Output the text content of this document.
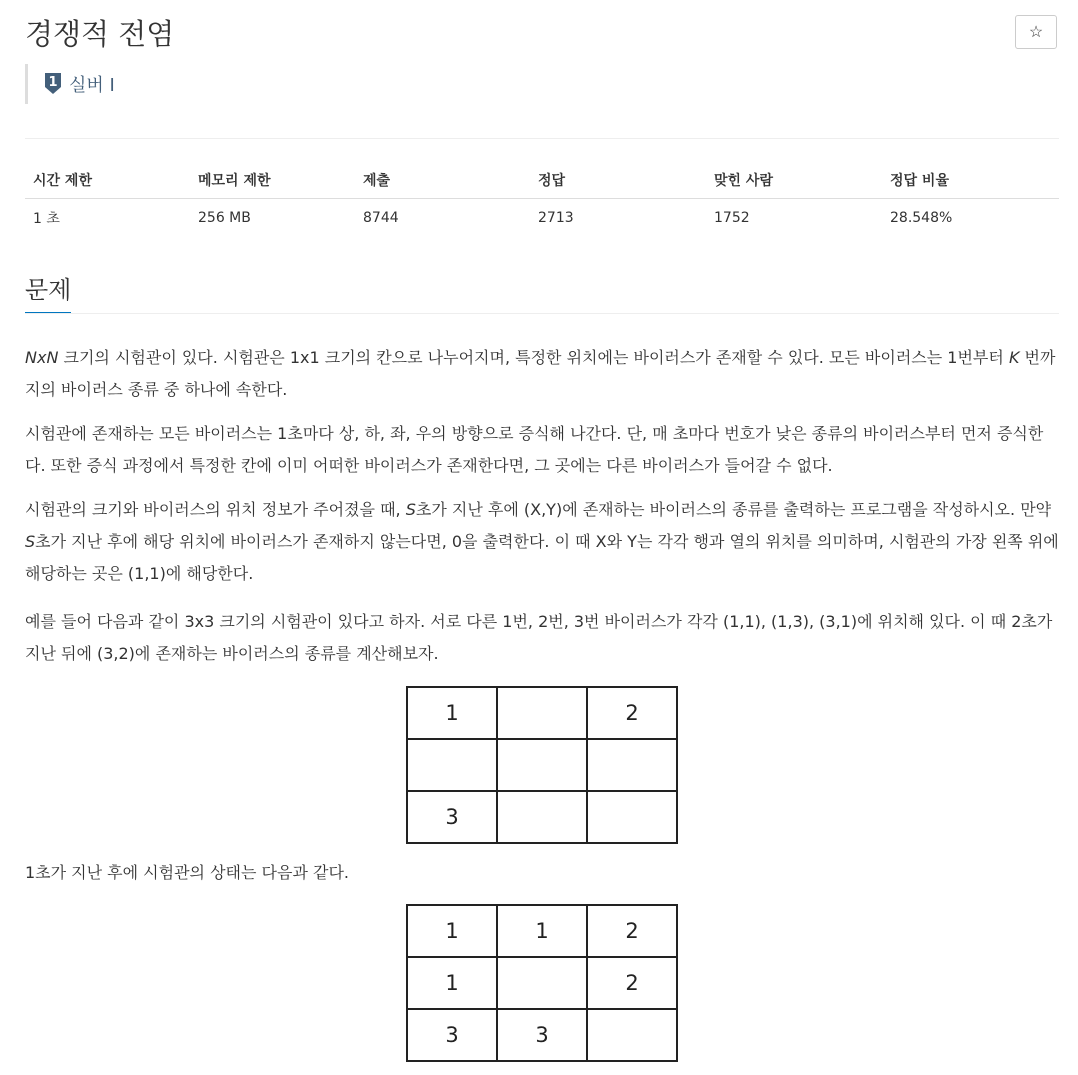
경쟁적 전염	☆
1 실버 I
시간 제한	메모리 제한	제출	정답	맞힌 사람	정답 비율
1 초	256 MB	8744	2713	1752	28.548%
문제

NxN 크기의 시험관이 있다. 시험관은 1x1 크기의 칸으로 나누어지며, 특정한 위치에는 바이러스가 존재할 수 있다. 모든 바이러스는 1번부터 K 번까지의 바이러스 종류 중 하나에 속한다.

시험관에 존재하는 모든 바이러스는 1초마다 상, 하, 좌, 우의 방향으로 증식해 나간다. 단, 매 초마다 번호가 낮은 종류의 바이러스부터 먼저 증식한다. 또한 증식 과정에서 특정한 칸에 이미 어떠한 바이러스가 존재한다면, 그 곳에는 다른 바이러스가 들어갈 수 없다.

시험관의 크기와 바이러스의 위치 정보가 주어졌을 때, S초가 지난 후에 (X,Y)에 존재하는 바이러스의 종류를 출력하는 프로그램을 작성하시오. 만약 S초가 지난 후에 해당 위치에 바이러스가 존재하지 않는다면, 0을 출력한다. 이 때 X와 Y는 각각 행과 열의 위치를 의미하며, 시험관의 가장 왼쪽 위에 해당하는 곳은 (1,1)에 해당한다.

예를 들어 다음과 같이 3x3 크기의 시험관이 있다고 하자. 서로 다른 1번, 2번, 3번 바이러스가 각각 (1,1), (1,3), (3,1)에 위치해 있다. 이 때 2초가 지난 뒤에 (3,2)에 존재하는 바이러스의 종류를 계산해보자.

1		2

3		

1초가 지난 후에 시험관의 상태는 다음과 같다.

1	1	2
1		2
3	3	
